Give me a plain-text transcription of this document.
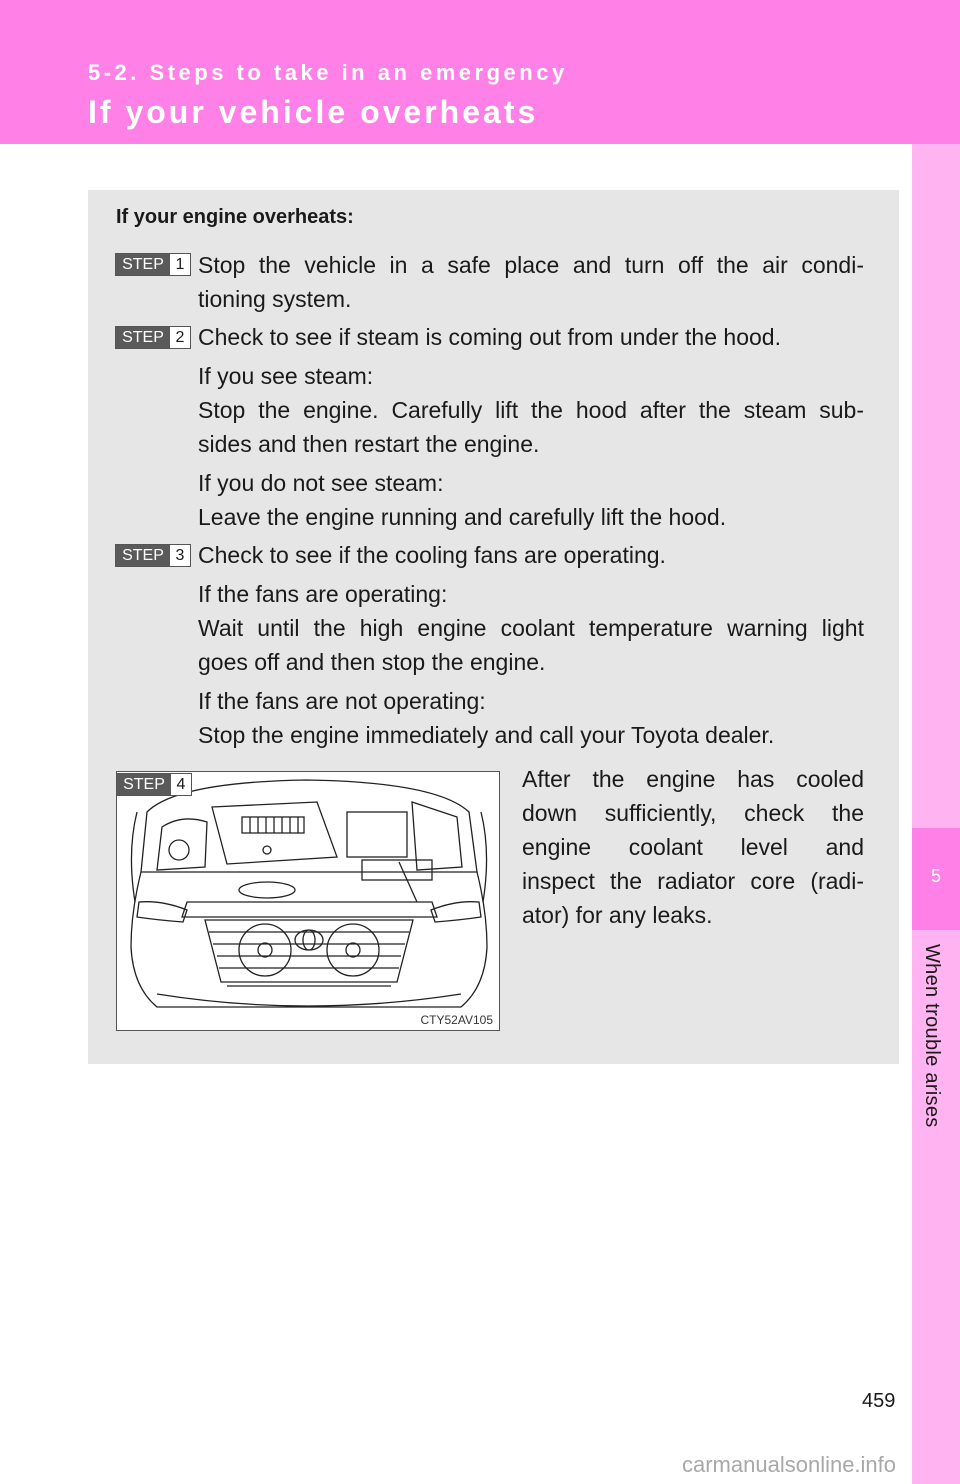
5-2. Steps to take in an emergency
If your vehicle overheats
5
When trouble arises
If your engine overheats:
STEP 1 Stop the vehicle in a safe place and turn off the air condi-
tioning system.
STEP 2 Check to see if steam is coming out from under the hood.
If you see steam:
Stop the engine. Carefully lift the hood after the steam sub-
sides and then restart the engine.
If you do not see steam:
Leave the engine running and carefully lift the hood.
STEP 3 Check to see if the cooling fans are operating.
If the fans are operating:
Wait until the high engine coolant temperature warning light
goes off and then stop the engine.
If the fans are not operating:
Stop the engine immediately and call your Toyota dealer.
STEP 4
CTY52AV105
After the engine has cooled
down sufficiently, check the
engine coolant level and
inspect the radiator core (radi-
ator) for any leaks.
459
carmanualsonline.info
